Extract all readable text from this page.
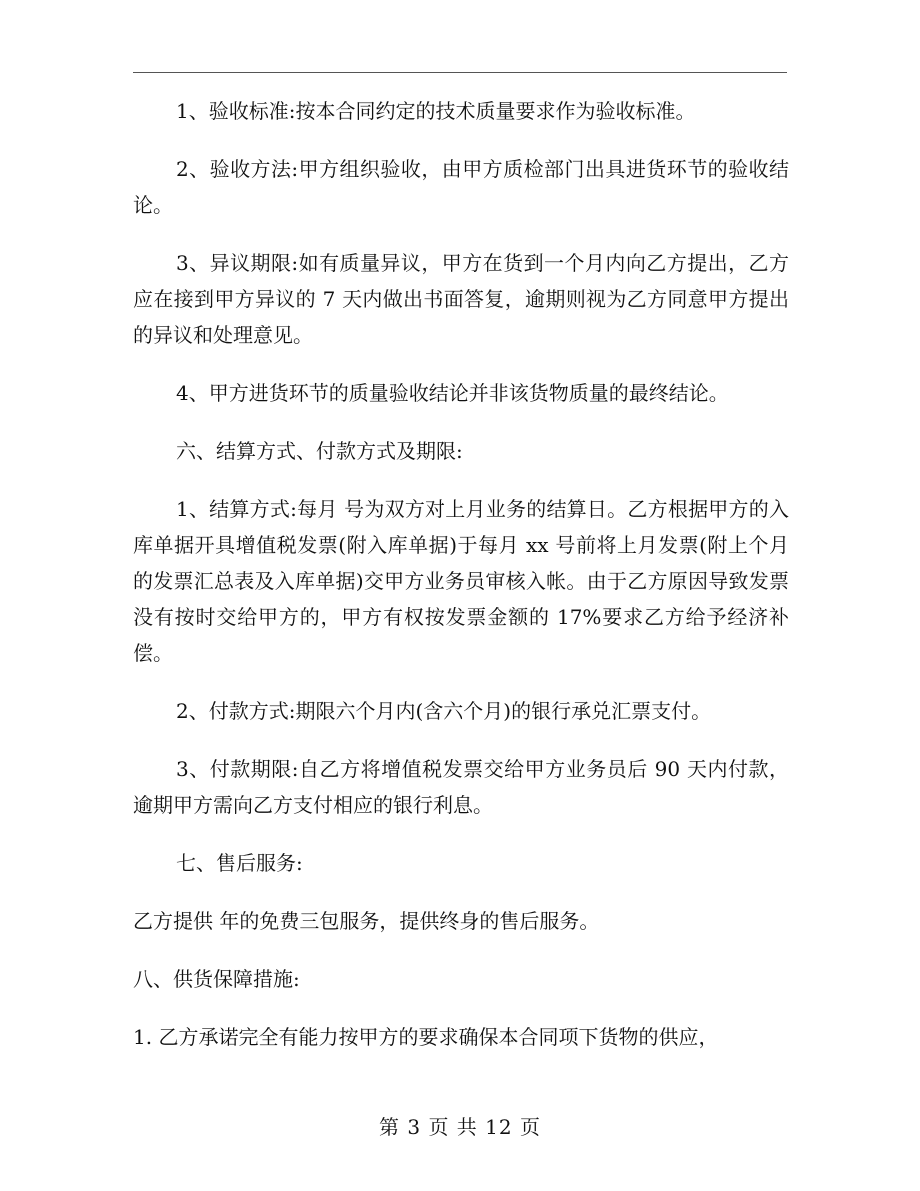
1、验收标准:按本合同约定的技术质量要求作为验收标准。

2、验收方法:甲方组织验收，由甲方质检部门出具进货环节的验收结论。

3、异议期限:如有质量异议，甲方在货到一个月内向乙方提出，乙方应在接到甲方异议的 7 天内做出书面答复，逾期则视为乙方同意甲方提出的异议和处理意见。

4、甲方进货环节的质量验收结论并非该货物质量的最终结论。

六、结算方式、付款方式及期限:

1、结算方式:每月 号为双方对上月业务的结算日。乙方根据甲方的入库单据开具增值税发票(附入库单据)于每月 xx 号前将上月发票(附上个月的发票汇总表及入库单据)交甲方业务员审核入帐。由于乙方原因导致发票没有按时交给甲方的，甲方有权按发票金额的 17%要求乙方给予经济补偿。

2、付款方式:期限六个月内(含六个月)的银行承兑汇票支付。

3、付款期限:自乙方将增值税发票交给甲方业务员后 90 天内付款，逾期甲方需向乙方支付相应的银行利息。

七、售后服务:

乙方提供 年的免费三包服务，提供终身的售后服务。

八、供货保障措施:

1. 乙方承诺完全有能力按甲方的要求确保本合同项下货物的供应，

第 3 页 共 12 页
